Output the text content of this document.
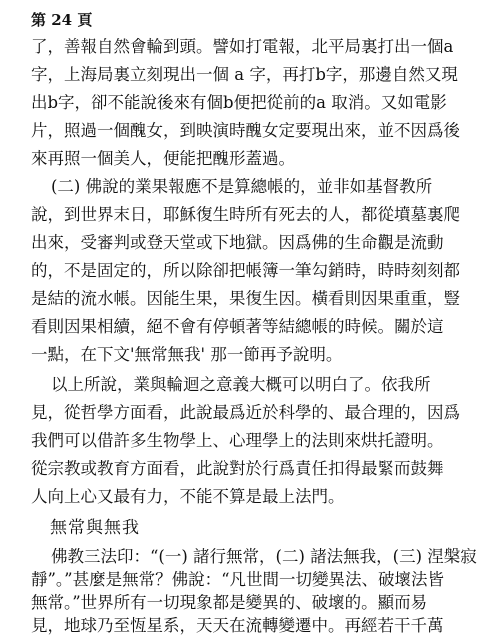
第 24 頁
了，善報自然會輪到頭。譬如打電報，北平局裏打出一個a
字，上海局裏立刻現出一個 a 字，再打b字，那邊自然又現
出b字，卻不能說後來有個b便把從前的a 取消。又如電影
片，照過一個醜女，到映演時醜女定要現出來，並不因爲後
來再照一個美人，便能把醜形蓋過。
(二) 佛說的業果報應不是算總帳的，並非如基督教所
說，到世界末日，耶穌復生時所有死去的人，都從墳墓裏爬
出來，受審判或登天堂或下地獄。因爲佛的生命觀是流動
的，不是固定的，所以除卻把帳簿一筆勾銷時，時時刻刻都
是結的流水帳。因能生果，果復生因。橫看則因果重重，豎
看則因果相續，絕不會有停頓著等結總帳的時候。關於這
一點，在下文'無常無我' 那一節再予說明。
以上所說，業與輪迴之意義大概可以明白了。依我所
見，從哲學方面看，此說最爲近於科學的、最合理的，因爲
我們可以借許多生物學上、心理學上的法則來烘托證明。
從宗教或教育方面看，此說對於行爲責任扣得最緊而鼓舞
人向上心又最有力，不能不算是最上法門。
無常與無我
佛教三法印：“(一) 諸行無常，(二) 諸法無我，(三) 涅槃寂
靜”。”甚麼是無常？佛說：“凡世間一切變異法、破壞法皆
無常。”世界所有一切現象都是變異的、破壞的。顯而易
見，地球乃至恆星系，天天在流轉變遷中。再經若干千萬
